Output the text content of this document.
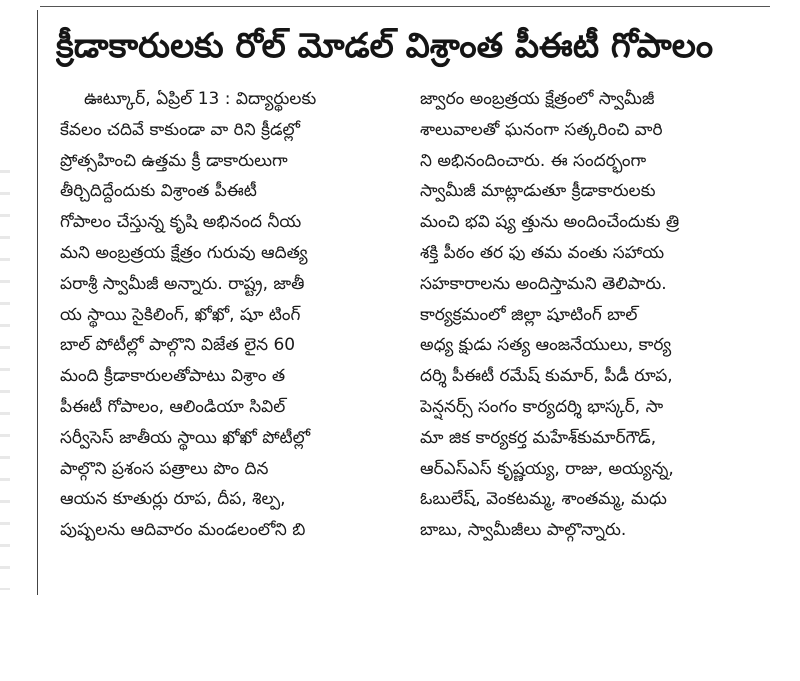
క్రీడాకారులకు రోల్ మోడల్ విశ్రాంత పీఈటీ గోపాలం
ఊట్కూర్, ఏప్రిల్ 13 : విద్యార్థులకు
కేవలం చదివే కాకుండా వా రిని క్రీడల్లో
ప్రోత్సహించి ఉత్తమ క్రీ డాకారులుగా
తీర్చిదిద్దేందుకు విశ్రాంత పీఈటీ
గోపాలం చేస్తున్న కృషి అభినంద నీయ
మని అంబ్రత్రయ క్షేత్రం గురువు ఆదిత్య
పరాశ్రీ స్వామీజీ అన్నారు. రాష్ట్ర, జాతీ
య స్థాయి సైకిలింగ్, ఖోఖో, షూ టింగ్
బాల్ పోటీల్లో పాల్గొని విజేత లైన 60
మంది క్రీడాకారులతోపాటు విశ్రాం త
పీఈటీ గోపాలం, ఆలిండియా సివిల్
సర్వీసెస్ జాతీయ స్థాయి ఖోఖో పోటీల్లో
పాల్గొని ప్రశంస పత్రాలు పొం దిన
ఆయన కూతుర్లు రూప, దీప, శిల్ప,
పుష్పలను ఆదివారం మండలంలోని బి
జ్వారం అంబ్రత్రయ క్షేత్రంలో స్వామీజీ
శాలువాలతో ఘనంగా సత్కరించి వారి
ని అభినందించారు. ఈ సందర్భంగా
స్వామీజీ మాట్లాడుతూ క్రీడాకారులకు
మంచి భవి ష్య త్తును అందించేందుకు త్రి
శక్తి పీఠం తర ఫు తమ వంతు సహాయ
సహకారాలను అందిస్తామని తెలిపారు.
కార్యక్రమంలో జిల్లా షూటింగ్ బాల్
అధ్య క్షుడు సత్య ఆంజనేయులు, కార్య
దర్శి పీఈటీ రమేష్ కుమార్, పీడీ రూప,
పెన్షనర్స్ సంగం కార్యదర్శి భాస్కర్, సా
మా జిక కార్యకర్త మహేశ్‌కుమార్‌గౌడ్,
ఆర్ఎస్ఎస్ కృష్ణయ్య, రాజు, అయ్యన్న,
ఓబులేష్, వెంకటమ్మ, శాంతమ్మ, మధు
బాబు, స్వామీజీలు పాల్గొన్నారు.
